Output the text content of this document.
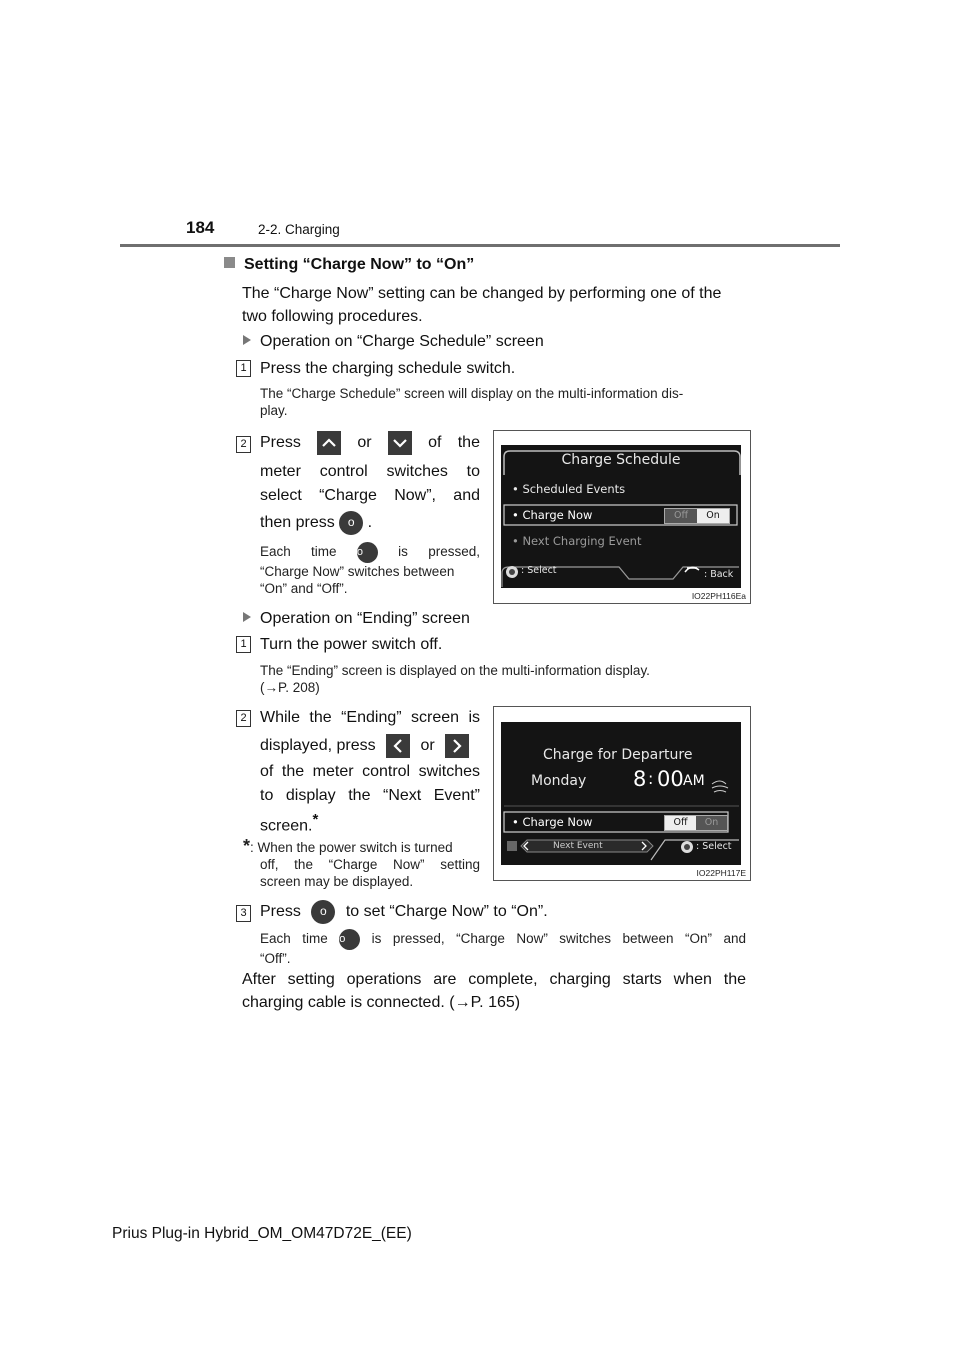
184	2-2. Charging
Setting “Charge Now” to “On”
The “Charge Now” setting can be changed by performing one of the
two following procedures.
Operation on “Charge Schedule” screen
1 Press the charging schedule switch.
The “Charge Schedule” screen will display on the multi-information dis-
play.
2 Press	or	of the
meter control switches to
select “Charge Now”, and
then press o .
Each time o	is pressed,
“Charge Now” switches between
“On” and “Off”.
Charge Schedule
• Scheduled Events
• Charge Now	Off	On
• Next Charging Event
: Select	: Back
IO22PH116Ea
Operation on “Ending” screen
1 Turn the power switch off.
The “Ending” screen is displayed on the multi-information display.
(→P. 208)
2 While the “Ending” screen is
displayed, press	or
of the meter control switches
to display the “Next Event”
screen.*
*: When the power switch is turned
off, the “Charge Now” setting
screen may be displayed.
Charge for Departure
Monday 8 : 00 AM
• Charge Now	Off	On
Next Event	: Select
IO22PH117E
3 Press o to set “Charge Now” to “On”.
Each time o is pressed, “Charge Now” switches between “On” and
“Off”.
After setting operations are complete, charging starts when the
charging cable is connected. (→P. 165)
Prius Plug-in Hybrid_OM_OM47D72E_(EE)
